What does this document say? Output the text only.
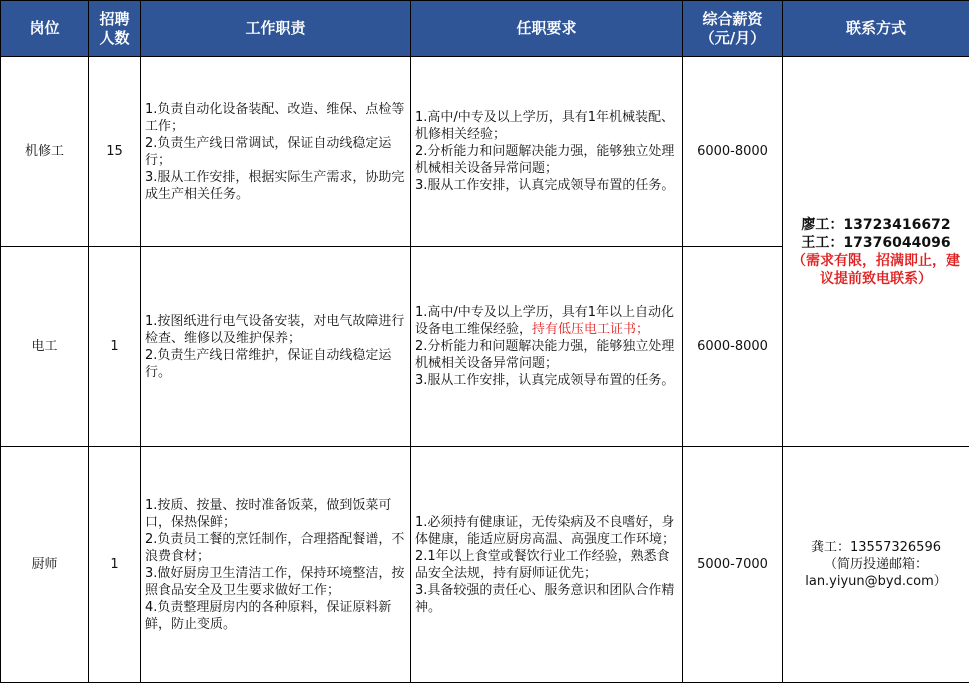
岗位	招聘人数	工作职责	任职要求	综合薪资（元/月）	联系方式
机修工	15	1.负责自动化设备装配、改造、维保、点检等工作；
2.负责生产线日常调试，保证自动线稳定运行；
3.服从工作安排，根据实际生产需求，协助完成生产相关任务。	1.高中/中专及以上学历，具有1年机械装配、机修相关经验；
2.分析能力和问题解决能力强，能够独立处理机械相关设备异常问题；
3.服从工作安排，认真完成领导布置的任务。	6000-8000	廖工：13723416672
王工：17376044096
（需求有限，招满即止，建议提前致电联系）

电工	1	1.按图纸进行电气设备安装，对电气故障进行检查、维修以及维护保养；
2.负责生产线日常维护，保证自动线稳定运行。	1.高中/中专及以上学历，具有1年以上自动化设备电工维保经验，持有低压电工证书；
2.分析能力和问题解决能力强，能够独立处理机械相关设备异常问题；
3.服从工作安排，认真完成领导布置的任务。	6000-8000	
厨师	1	1.按质、按量、按时准备饭菜，做到饭菜可口，保热保鲜；
2.负责员工餐的烹饪制作，合理搭配餐谱，不浪费食材；
3.做好厨房卫生清洁工作，保持环境整洁，按照食品安全及卫生要求做好工作；
4.负责整理厨房内的各种原料，保证原料新鲜，防止变质。	1.必须持有健康证，无传染病及不良嗜好，身体健康，能适应厨房高温、高强度工作环境；
2.1年以上食堂或餐饮行业工作经验，熟悉食品安全法规，持有厨师证优先；
3.具备较强的责任心、服务意识和团队合作精神。	5000-7000	龚工：13557326596
（简历投递邮箱：
lan.yiyun@byd.com）
